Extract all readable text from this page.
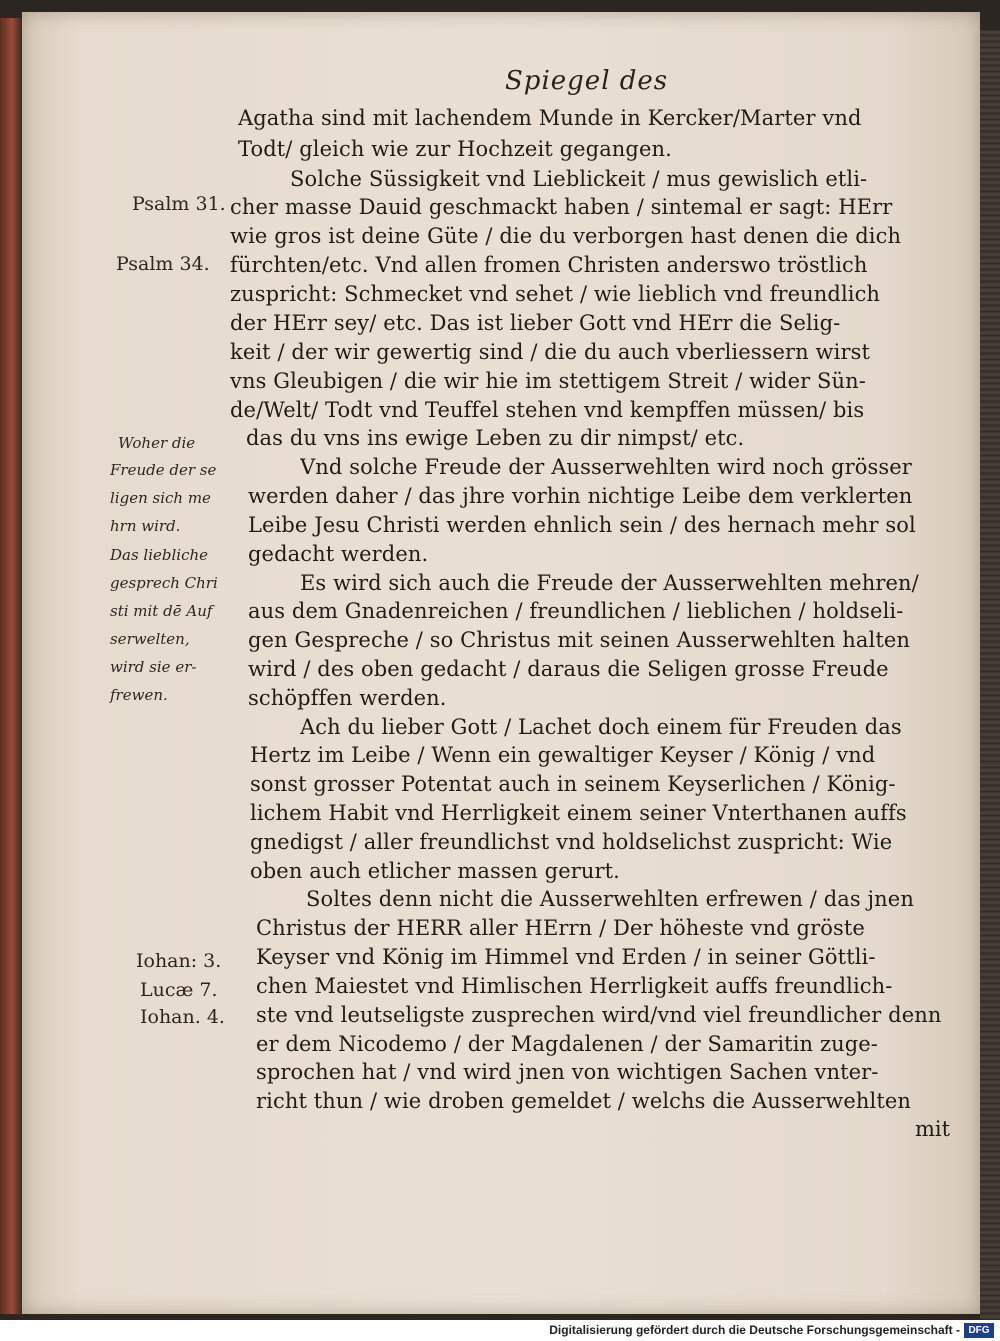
Spiegel des
Agatha sind mit lachendem Munde in Kercker/Marter vnd
Todt/ gleich wie zur Hochzeit gegangen.
Solche Süssigkeit vnd Lieblickeit / mus gewislich etli-
cher masse Dauid geschmackt haben / sintemal er sagt: HErr
wie gros ist deine Güte / die du verborgen hast denen die dich
fürchten/etc. Vnd allen fromen Christen anderswo tröstlich
zuspricht: Schmecket vnd sehet / wie lieblich vnd freundlich
der HErr sey/ etc. Das ist lieber Gott vnd HErr die Selig-
keit / der wir gewertig sind / die du auch vberliessern wirst
vns Gleubigen / die wir hie im stettigem Streit / wider Sün-
de/Welt/ Todt vnd Teuffel stehen vnd kempffen müssen/ bis
das du vns ins ewige Leben zu dir nimpst/ etc.
Vnd solche Freude der Ausserwehlten wird noch grösser
werden daher / das jhre vorhin nichtige Leibe dem verklerten
Leibe Jesu Christi werden ehnlich sein / des hernach mehr sol
gedacht werden.
Es wird sich auch die Freude der Ausserwehlten mehren/
aus dem Gnadenreichen / freundlichen / lieblichen / holdseli-
gen Gespreche / so Christus mit seinen Ausserwehlten halten
wird / des oben gedacht / daraus die Seligen grosse Freude
schöpffen werden.
Ach du lieber Gott / Lachet doch einem für Freuden das
Hertz im Leibe / Wenn ein gewaltiger Keyser / König / vnd
sonst grosser Potentat auch in seinem Keyserlichen / König-
lichem Habit vnd Herrligkeit einem seiner Vnterthanen auffs
gnedigst / aller freundlichst vnd holdselichst zuspricht: Wie
oben auch etlicher massen gerurt.
Soltes denn nicht die Ausserwehlten erfrewen / das jnen
Christus der HERR aller HErrn / Der höheste vnd gröste
Keyser vnd König im Himmel vnd Erden / in seiner Göttli-
chen Maiestet vnd Himlischen Herrligkeit auffs freundlich-
ste vnd leutseligste zusprechen wird/vnd viel freundlicher denn
er dem Nicodemo / der Magdalenen / der Samaritin zuge-
sprochen hat / vnd wird jnen von wichtigen Sachen vnter-
richt thun / wie droben gemeldet / welchs die Ausserwehlten
mit
Psalm 31.
Psalm 34.
Iohan: 3.
Lucæ 7.
Iohan. 4.
Woher die
Freude der se
ligen sich me
hrn wird.
Das liebliche
gesprech Chri
sti mit dē Auf
serwelten,
wird sie er-
frewen.
Digitalisierung gefördert durch die Deutsche Forschungsgemeinschaft - DFG
